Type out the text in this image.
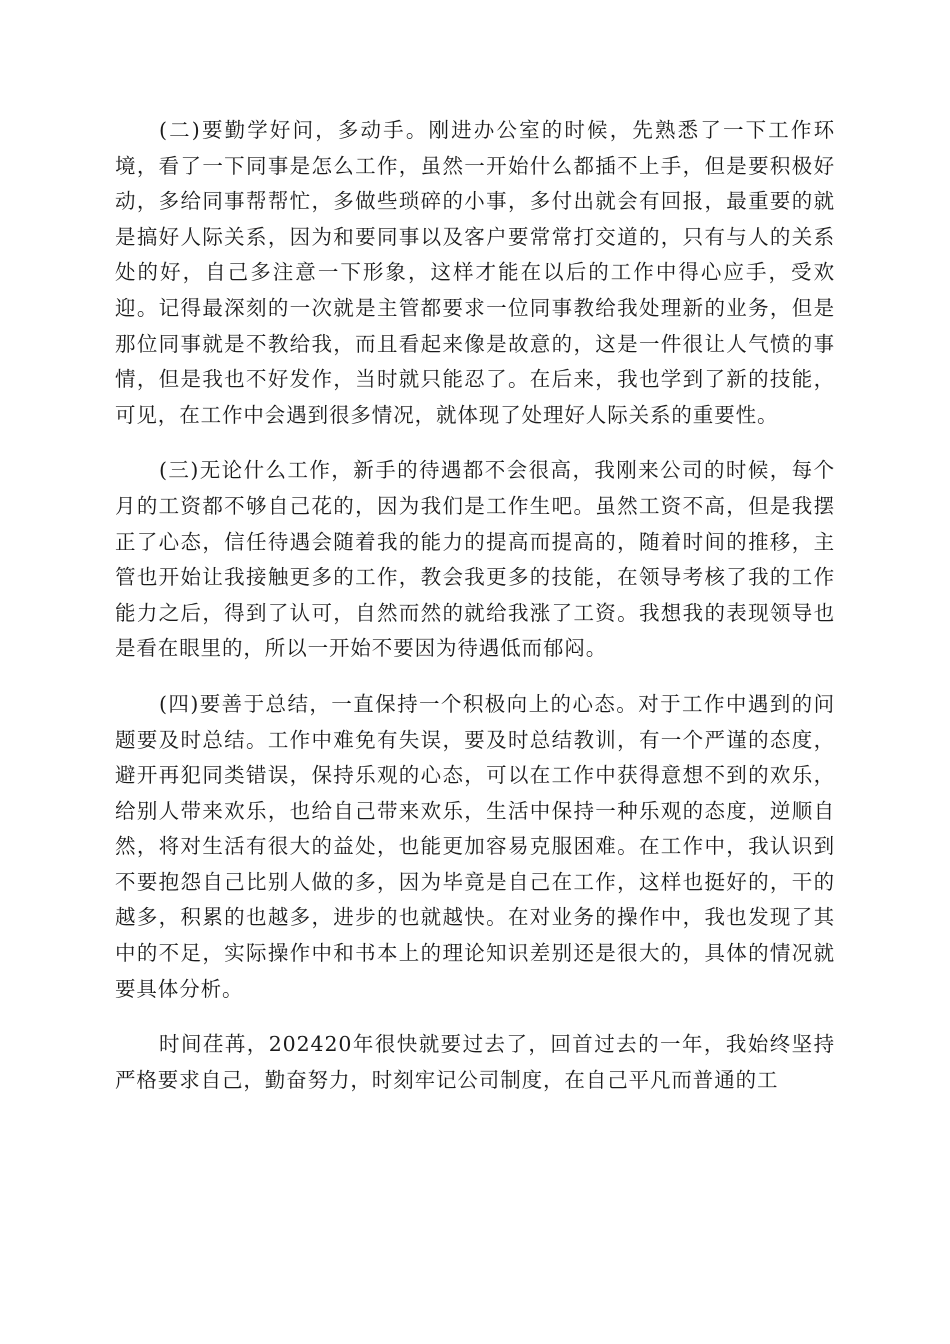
(二)要勤学好问，多动手。刚进办公室的时候，先熟悉了一下工作环境，看了一下同事是怎么工作，虽然一开始什么都插不上手，但是要积极好动，多给同事帮帮忙，多做些琐碎的小事，多付出就会有回报，最重要的就是搞好人际关系，因为和要同事以及客户要常常打交道的，只有与人的关系处的好，自己多注意一下形象，这样才能在以后的工作中得心应手，受欢迎。记得最深刻的一次就是主管都要求一位同事教给我处理新的业务，但是那位同事就是不教给我，而且看起来像是故意的，这是一件很让人气愤的事情，但是我也不好发作，当时就只能忍了。在后来，我也学到了新的技能，可见，在工作中会遇到很多情况，就体现了处理好人际关系的重要性。

(三)无论什么工作，新手的待遇都不会很高，我刚来公司的时候，每个月的工资都不够自己花的，因为我们是工作生吧。虽然工资不高，但是我摆正了心态，信任待遇会随着我的能力的提高而提高的，随着时间的推移，主管也开始让我接触更多的工作，教会我更多的技能，在领导考核了我的工作能力之后，得到了认可，自然而然的就给我涨了工资。我想我的表现领导也是看在眼里的，所以一开始不要因为待遇低而郁闷。

(四)要善于总结，一直保持一个积极向上的心态。对于工作中遇到的问题要及时总结。工作中难免有失误，要及时总结教训，有一个严谨的态度，避开再犯同类错误，保持乐观的心态，可以在工作中获得意想不到的欢乐，给别人带来欢乐，也给自己带来欢乐，生活中保持一种乐观的态度，逆顺自然，将对生活有很大的益处，也能更加容易克服困难。在工作中，我认识到不要抱怨自己比别人做的多，因为毕竟是自己在工作，这样也挺好的，干的越多，积累的也越多，进步的也就越快。在对业务的操作中，我也发现了其中的不足，实际操作中和书本上的理论知识差别还是很大的，具体的情况就要具体分析。

时间荏苒，202420年很快就要过去了，回首过去的一年，我始终坚持严格要求自己，勤奋努力，时刻牢记公司制度，在自己平凡而普通的工
